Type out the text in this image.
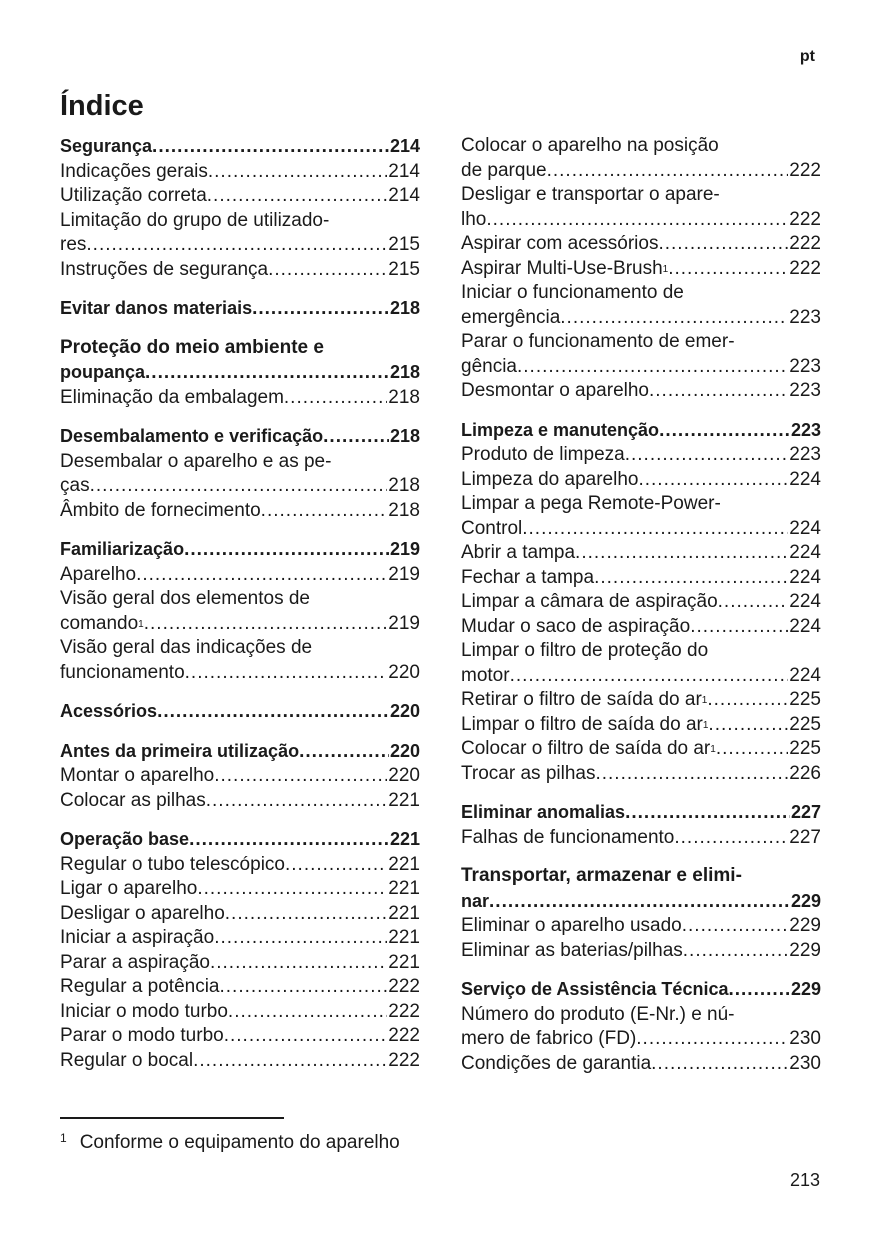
pt
Índice
Segurança .....	214
Indicações gerais .....	214
Utilização correta .....	214
Limitação do grupo de utilizado-
res .....	215
Instruções de segurança .....	215
Evitar danos materiais .....	218
Proteção do meio ambiente e
poupança .....	218
Eliminação da embalagem .....	218
Desembalamento e verificação .....	218
Desembalar o aparelho e as pe-
ças .....	218
Âmbito de fornecimento .....	218
Familiarização .....	219
Aparelho .....	219
Visão geral dos elementos de
comando$^1$ .....	219
Visão geral das indicações de
funcionamento .....	220
Acessórios .....	220
Antes da primeira utilização .....	220
Montar o aparelho .....	220
Colocar as pilhas .....	221
Operação base .....	221
Regular o tubo telescópico .....	221
Ligar o aparelho .....	221
Desligar o aparelho .....	221
Iniciar a aspiração .....	221
Parar a aspiração .....	221
Regular a potência .....	222
Iniciar o modo turbo .....	222
Parar o modo turbo .....	222
Regular o bocal .....	222
Colocar o aparelho na posição
de parque .....	222
Desligar e transportar o apare-
lho .....	222
Aspirar com acessórios .....	222
Aspirar Multi-Use-Brush$^1$ .....	222
Iniciar o funcionamento de
emergência .....	223
Parar o funcionamento de emer-
gência .....	223
Desmontar o aparelho .....	223
Limpeza e manutenção .....	223
Produto de limpeza .....	223
Limpeza do aparelho .....	224
Limpar a pega Remote-Power-
Control .....	224
Abrir a tampa .....	224
Fechar a tampa .....	224
Limpar a câmara de aspiração .....	224
Mudar o saco de aspiração .....	224
Limpar o filtro de proteção do
motor .....	224
Retirar o filtro de saída do $ar^1$ .....	225
Limpar o filtro de saída do $ar^1$ .....	225
Colocar o filtro de saída do $ar^1$ .....	225
Trocar as pilhas .....	226
Eliminar anomalias .....	227
Falhas de funcionamento .....	227
Transportar, armazenar e elimi-
nar .....	229
Eliminar o aparelho usado .....	229
Eliminar as baterias/pilhas .....	229
Serviço de Assistência Técnica .....	229
Número do produto (E-Nr.) e nú-
mero de fabrico (FD) .....	230
Condições de garantia .....	230
$^1$ Conforme o equipamento do aparelho
213
